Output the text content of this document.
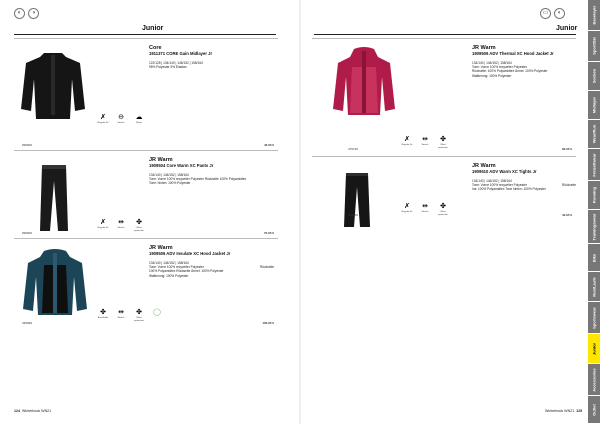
◐	◑
Junior
Core
1911371 CORE Gain Midlayer Jr
122/128 | 134/140 | 146/152 | 158/164
95% Polyester 5% Elastan
✗
Regular Fit
⊖
Stretch
☁
Warm
999000	40.95 €
JR Warm
1909504 Core Warm XC Pants Jr
134/140 | 146/152 | 158/164
Tone: Vorne 100% recycelter Polyester Rückseite 100% Polyamidtex
Tone: hinten: 100% Polyester
✗
Regular Fit
⇹
Stretch
✤
Wind protection
999000	70.95 €
JR Warm
1909506 ADV Insulate XC Hood Jacket Jr
134/140 | 146/152 | 158/164
Tone: Vorne 100% recycelter Polyester
100% Polyamidtex Rückseite Ärmel: 100% Polyester
Wattierung: 100% Polyester
Rückseite
✤
Breathable
⇹
Stretch
✤
Wind protection
◯
435999	100.95 €
124 Winterbook WN21
▭	◐
Junior
JR Warm
1909509 ADV Thermal XC Hood Jacket Jr
134/140 | 146/152 | 158/164
Tone: Vorne 100% recycelter Polyester
Rückseite: 100% Polyamidtex Ärmel: 100% Polyester
Wattierung: 100% Polyester
✗
Regular Fit
⇹
Stretch
✤
Wind protection
475720	90.95 €
JR Warm
1909510 ADV Warm XC Tights Jr
134/140 | 146/152 | 158/164
Tone: Vorne 100% recycelter Polyester
Ins: 100% Polyamidtex Tone hinten: 100% Polyester
Rückseite
✗
Regular Fit
⇹
Stretch
✤
Wind protection
999000	40.95 €
Winterbook WN21 125
Baselayer
Sport/Ski
Socken
Midlayer
Wear/Run
Freizeitwear
Running
Trainingswear
Bike
Run/Laufe
Sportswear
Junior
Accessories
Outlet
